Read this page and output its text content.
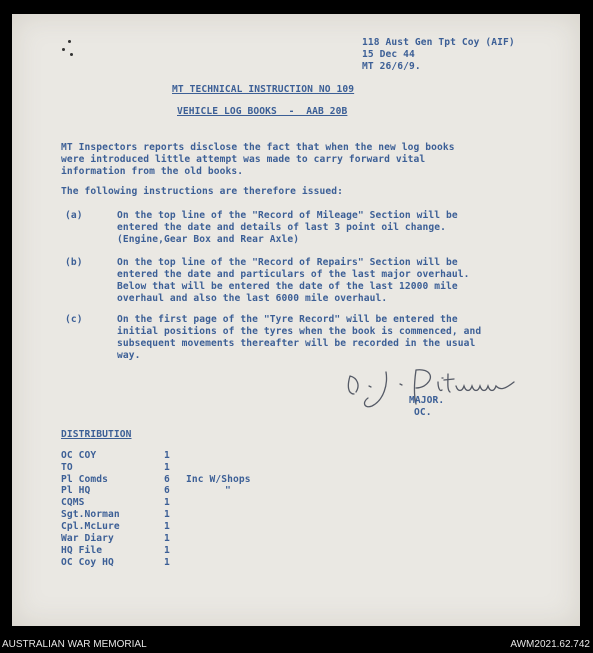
118 Aust Gen Tpt Coy (AIF)
15 Dec 44
MT 26/6/9.
MT TECHNICAL INSTRUCTION NO 109
VEHICLE LOG BOOKS  -  AAB 20B
MT Inspectors reports disclose the fact that when the new log books
were introduced little attempt was made to carry forward vital
information from the old books.
The following instructions are therefore issued:
(a)	On the top line of the "Record of Mileage" Section will be
entered the date and details of last 3 point oil change.
(Engine,Gear Box and Rear Axle)
(b)	On the top line of the "Record of Repairs" Section will be
entered the date and particulars of the last major overhaul.
Below that will be entered the date of the last 12000 mile
overhaul and also the last 6000 mile overhaul.
(c)	On the first page of the "Tyre Record" will be entered the
initial positions of the tyres when the book is commenced, and
subsequent movements thereafter will be recorded in the usual
way.
MAJOR.
OC.
DISTRIBUTION
OC COY	1
TO	1
Pl Comds	6 Inc W/Shops
Pl HQ	6	"
CQMS	1
Sgt.Norman	1
Cpl.McLure	1
War Diary	1
HQ File	1
OC Coy HQ	1
AUSTRALIAN WAR MEMORIAL	AWM2021.62.742
